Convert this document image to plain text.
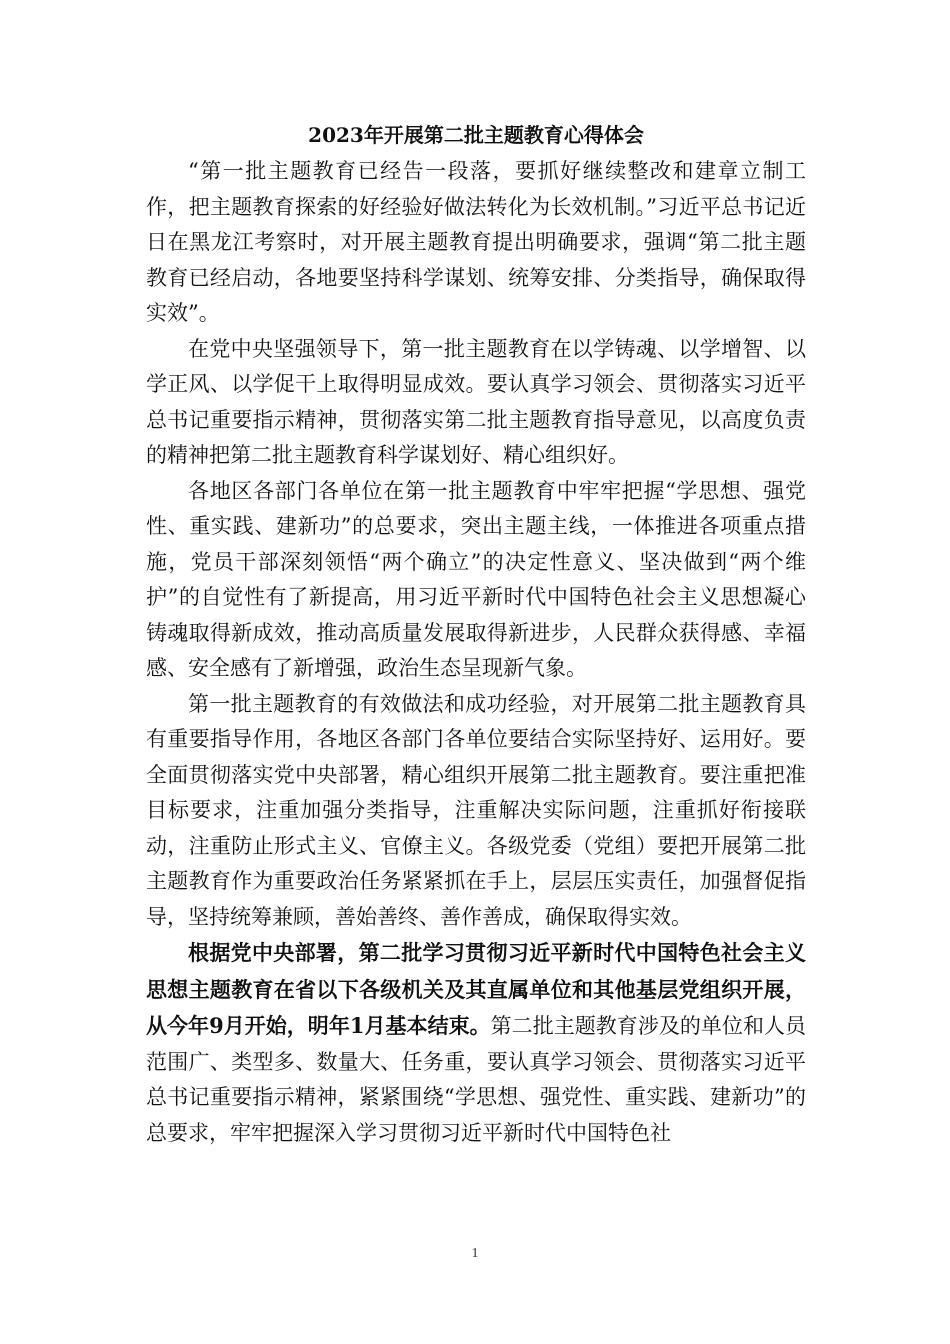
2023年开展第二批主题教育心得体会

“第一批主题教育已经告一段落，要抓好继续整改和建章立制工作，把主题教育探索的好经验好做法转化为长效机制。”习近平总书记近日在黑龙江考察时，对开展主题教育提出明确要求，强调“第二批主题教育已经启动，各地要坚持科学谋划、统筹安排、分类指导，确保取得实效”。

在党中央坚强领导下，第一批主题教育在以学铸魂、以学增智、以学正风、以学促干上取得明显成效。要认真学习领会、贯彻落实习近平总书记重要指示精神，贯彻落实第二批主题教育指导意见，以高度负责的精神把第二批主题教育科学谋划好、精心组织好。

各地区各部门各单位在第一批主题教育中牢牢把握“学思想、强党性、重实践、建新功”的总要求，突出主题主线，一体推进各项重点措施，党员干部深刻领悟“两个确立”的决定性意义、坚决做到“两个维护”的自觉性有了新提高，用习近平新时代中国特色社会主义思想凝心铸魂取得新成效，推动高质量发展取得新进步，人民群众获得感、幸福感、安全感有了新增强，政治生态呈现新气象。

第一批主题教育的有效做法和成功经验，对开展第二批主题教育具有重要指导作用，各地区各部门各单位要结合实际坚持好、运用好。要全面贯彻落实党中央部署，精心组织开展第二批主题教育。要注重把准目标要求，注重加强分类指导，注重解决实际问题，注重抓好衔接联动，注重防止形式主义、官僚主义。各级党委（党组）要把开展第二批主题教育作为重要政治任务紧紧抓在手上，层层压实责任，加强督促指导，坚持统筹兼顾，善始善终、善作善成，确保取得实效。

根据党中央部署，第二批学习贯彻习近平新时代中国特色社会主义思想主题教育在省以下各级机关及其直属单位和其他基层党组织开展，从今年9月开始，明年1月基本结束。第二批主题教育涉及的单位和人员范围广、类型多、数量大、任务重，要认真学习领会、贯彻落实习近平总书记重要指示精神，紧紧围绕“学思想、强党性、重实践、建新功”的总要求，牢牢把握深入学习贯彻习近平新时代中国特色社

1
